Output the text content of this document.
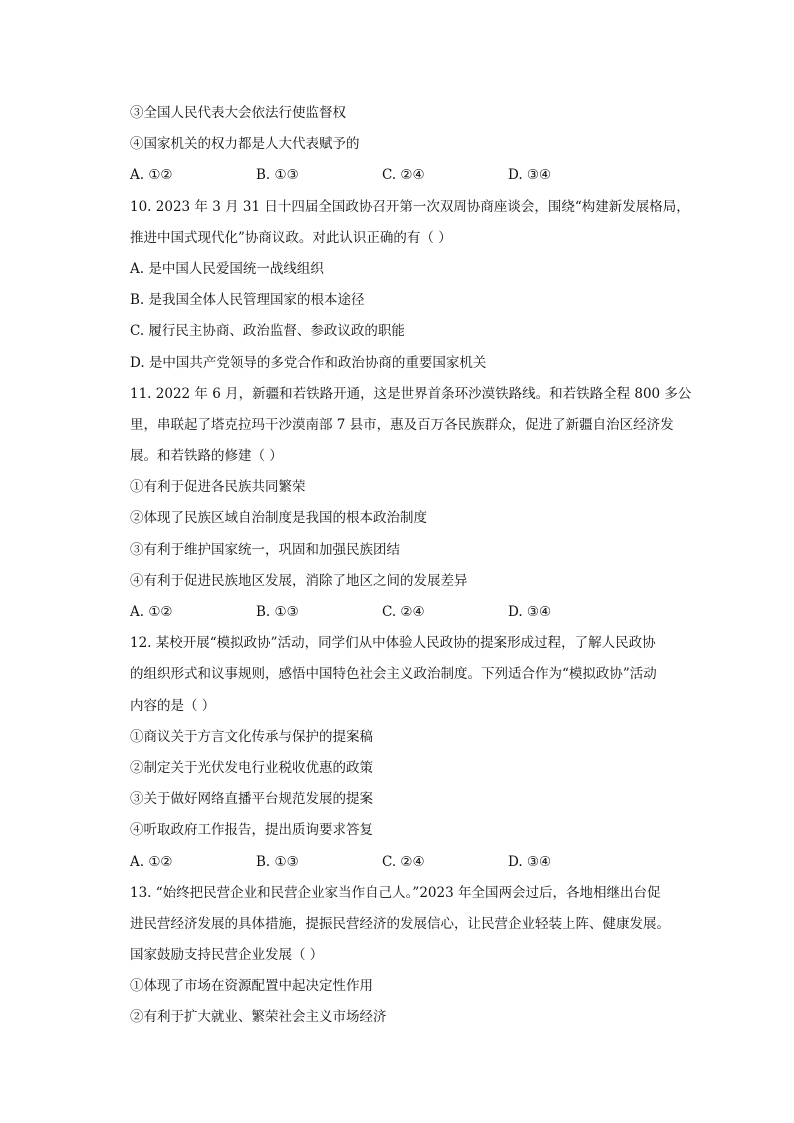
③全国人民代表大会依法行使监督权
④国家机关的权力都是人大代表赋予的
A. ①②	B. ①③	C. ②④	D. ③④
10. 2023 年 3 月 31 日十四届全国政协召开第一次双周协商座谈会，围绕“构建新发展格局，
推进中国式现代化”协商议政。对此认识正确的有（ ）
A. 是中国人民爱国统一战线组织
B. 是我国全体人民管理国家的根本途径
C. 履行民主协商、政治监督、参政议政的职能
D. 是中国共产党领导的多党合作和政治协商的重要国家机关
11. 2022 年 6 月，新疆和若铁路开通，这是世界首条环沙漠铁路线。和若铁路全程 800 多公
里，串联起了塔克拉玛干沙漠南部 7 县市，惠及百万各民族群众，促进了新疆自治区经济发
展。和若铁路的修建（ ）
①有利于促进各民族共同繁荣
②体现了民族区域自治制度是我国的根本政治制度
③有利于维护国家统一，巩固和加强民族团结
④有利于促进民族地区发展，消除了地区之间的发展差异
A. ①②	B. ①③	C. ②④	D. ③④
12. 某校开展“模拟政协”活动，同学们从中体验人民政协的提案形成过程，了解人民政协
的组织形式和议事规则，感悟中国特色社会主义政治制度。下列适合作为“模拟政协”活动
内容的是（ ）
①商议关于方言文化传承与保护的提案稿
②制定关于光伏发电行业税收优惠的政策
③关于做好网络直播平台规范发展的提案
④听取政府工作报告，提出质询要求答复
A. ①②	B. ①③	C. ②④	D. ③④
13. “始终把民营企业和民营企业家当作自己人。”2023 年全国两会过后，各地相继出台促
进民营经济发展的具体措施，提振民营经济的发展信心，让民营企业轻装上阵、健康发展。
国家鼓励支持民营企业发展（ ）
①体现了市场在资源配置中起决定性作用
②有利于扩大就业、繁荣社会主义市场经济
